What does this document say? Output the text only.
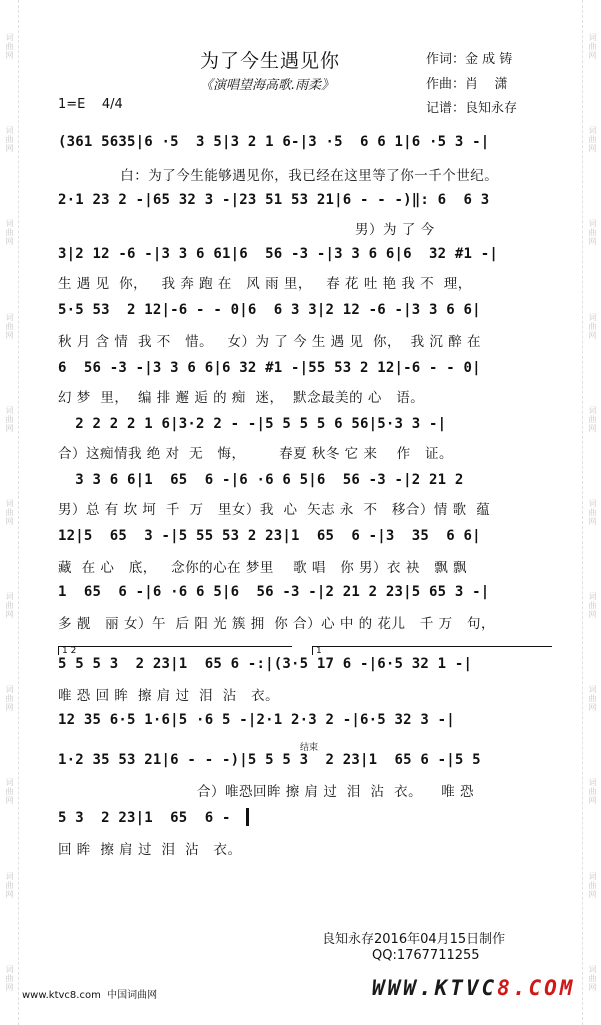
词曲网
词曲网
词曲网
词曲网
词曲网
词曲网
词曲网
词曲网
词曲网
词曲网
词曲网
词曲网
词曲网
词曲网
词曲网
词曲网
词曲网
词曲网
词曲网
词曲网
词曲网
词曲网
为了今生遇见你
《演唱望海高歌.雨柔》
作词：金 成 铸
作曲：肖    潇
记谱：良知永存
1=E    4/4
(361 5635|6 ·5  3 5|3 2 1 6-|3 ·5  6 6 1|6 ·5 3 -|
白：为了今生能够遇见你，我已经在这里等了你一千个世纪。
2·1 23 2 -|65 32 3 -|23 51 53 21|6 - - -)‖: 6  6 3
男）为 了 今
3|2 12 -6 -|3 3 6 61|6  56 -3 -|3 3 6 6|6  32 #1 -|
生 遇 见  你，   我 奔 跑 在   风 雨 里，   春 花 吐 艳 我 不  理，
5·5 53  2 12|-6 - - 0|6  6 3 3|2 12 -6 -|3 3 6 6|
秋 月 含 情  我 不   惜。   女）为 了 今 生 遇 见  你，  我 沉 醉 在
6  56 -3 -|3 3 6 6|6 32 #1 -|55 53 2 12|-6 - - 0|
幻 梦  里，  编 排 邂 逅 的 痴  迷，  默念最美的 心   语。
2 2 2 2 1 6|3·2 2 - -|5 5 5 5 6 56|5·3 3 -|
合）这痴情我 绝 对  无   悔，       春夏 秋冬 它 来    作   证。
3 3 6 6|1  65  6 -|6 ·6 6 5|6  56 -3 -|2 21 2
男）总 有 坎 坷  千  万   里女）我  心  矢志 永  不   移合）情 歌  蕴
12|5  65  3 -|5 55 53 2 23|1  65  6 -|3  35  6 6|
藏  在 心   底，   念你的心在 梦里    歌 唱   你 男）衣 袂   飘 飘
1  65  6 -|6 ·6 6 5|6  56 -3 -|2 21 2 23|5 65 3 -|
多 靓   丽 女）午  后 阳 光 簇 拥  你 合）心 中 的 花儿   千 万   句，
1 2	1
5 5 5 3  2 23|1  65 6 -:|(3·5 17 6 -|6·5 32 1 -|
唯 恐 回 眸  擦 肩 过  泪  沾   衣。
12 35 6·5 1·6|5 ·6 5 -|2·1 2·3 2 -|6·5 32 3 -|
结束
1·2 35 53 21|6 - - -)|5 5 5 3  2 23|1  65 6 -|5 5
合）唯恐回眸 擦 肩 过  泪  沾  衣。    唯 恐
5 3  2 23|1  65  6 -
回 眸  擦 肩 过  泪  沾   衣。
良知永存2016年04月15日制作
QQ:1767711255
www.ktvc8.com  中国词曲网	WWW.KTVC8.COM
